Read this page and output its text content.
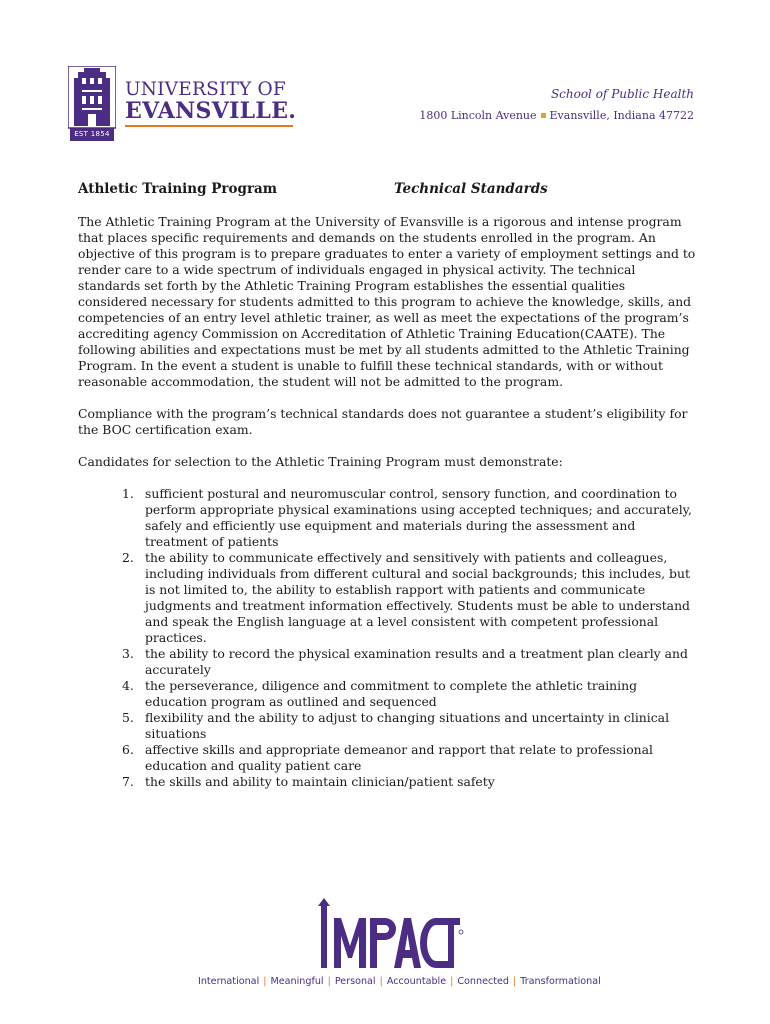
EST 1854
UNIVERSITY OF
EVANSVILLE.
School of Public Health
1800 Lincoln Avenue Evansville, Indiana 47722
Athletic Training Program	Technical Standards

The Athletic Training Program at the University of Evansville is a rigorous and intense program that places specific requirements and demands on the students enrolled in the program. An objective of this program is to prepare graduates to enter a variety of employment settings and to render care to a wide spectrum of individuals engaged in physical activity. The technical standards set forth by the Athletic Training Program establishes the essential qualities considered necessary for students admitted to this program to achieve the knowledge, skills, and competencies of an entry level athletic trainer, as well as meet the expectations of the program’s accrediting agency Commission on Accreditation of Athletic Training Education(CAATE). The following abilities and expectations must be met by all students admitted to the Athletic Training Program. In the event a student is unable to fulfill these technical standards, with or without reasonable accommodation, the student will not be admitted to the program.

Compliance with the program’s technical standards does not guarantee a student’s eligibility for the BOC certification exam.

Candidates for selection to the Athletic Training Program must demonstrate:

1. sufficient postural and neuromuscular control, sensory function, and coordination to perform appropriate physical examinations using accepted techniques; and accurately, safely and efficiently use equipment and materials during the assessment and treatment of patients
2. the ability to communicate effectively and sensitively with patients and colleagues, including individuals from different cultural and social backgrounds; this includes, but is not limited to, the ability to establish rapport with patients and communicate judgments and treatment information effectively. Students must be able to understand and speak the English language at a level consistent with competent professional practices.
3. the ability to record the physical examination results and a treatment plan clearly and accurately
4. the perseverance, diligence and commitment to complete the athletic training education program as outlined and sequenced
5. flexibility and the ability to adjust to changing situations and uncertainty in clinical situations
6. affective skills and appropriate demeanor and rapport that relate to professional education and quality patient care
7. the skills and ability to maintain clinician/patient safety
International | Meaningful | Personal | Accountable | Connected | Transformational
